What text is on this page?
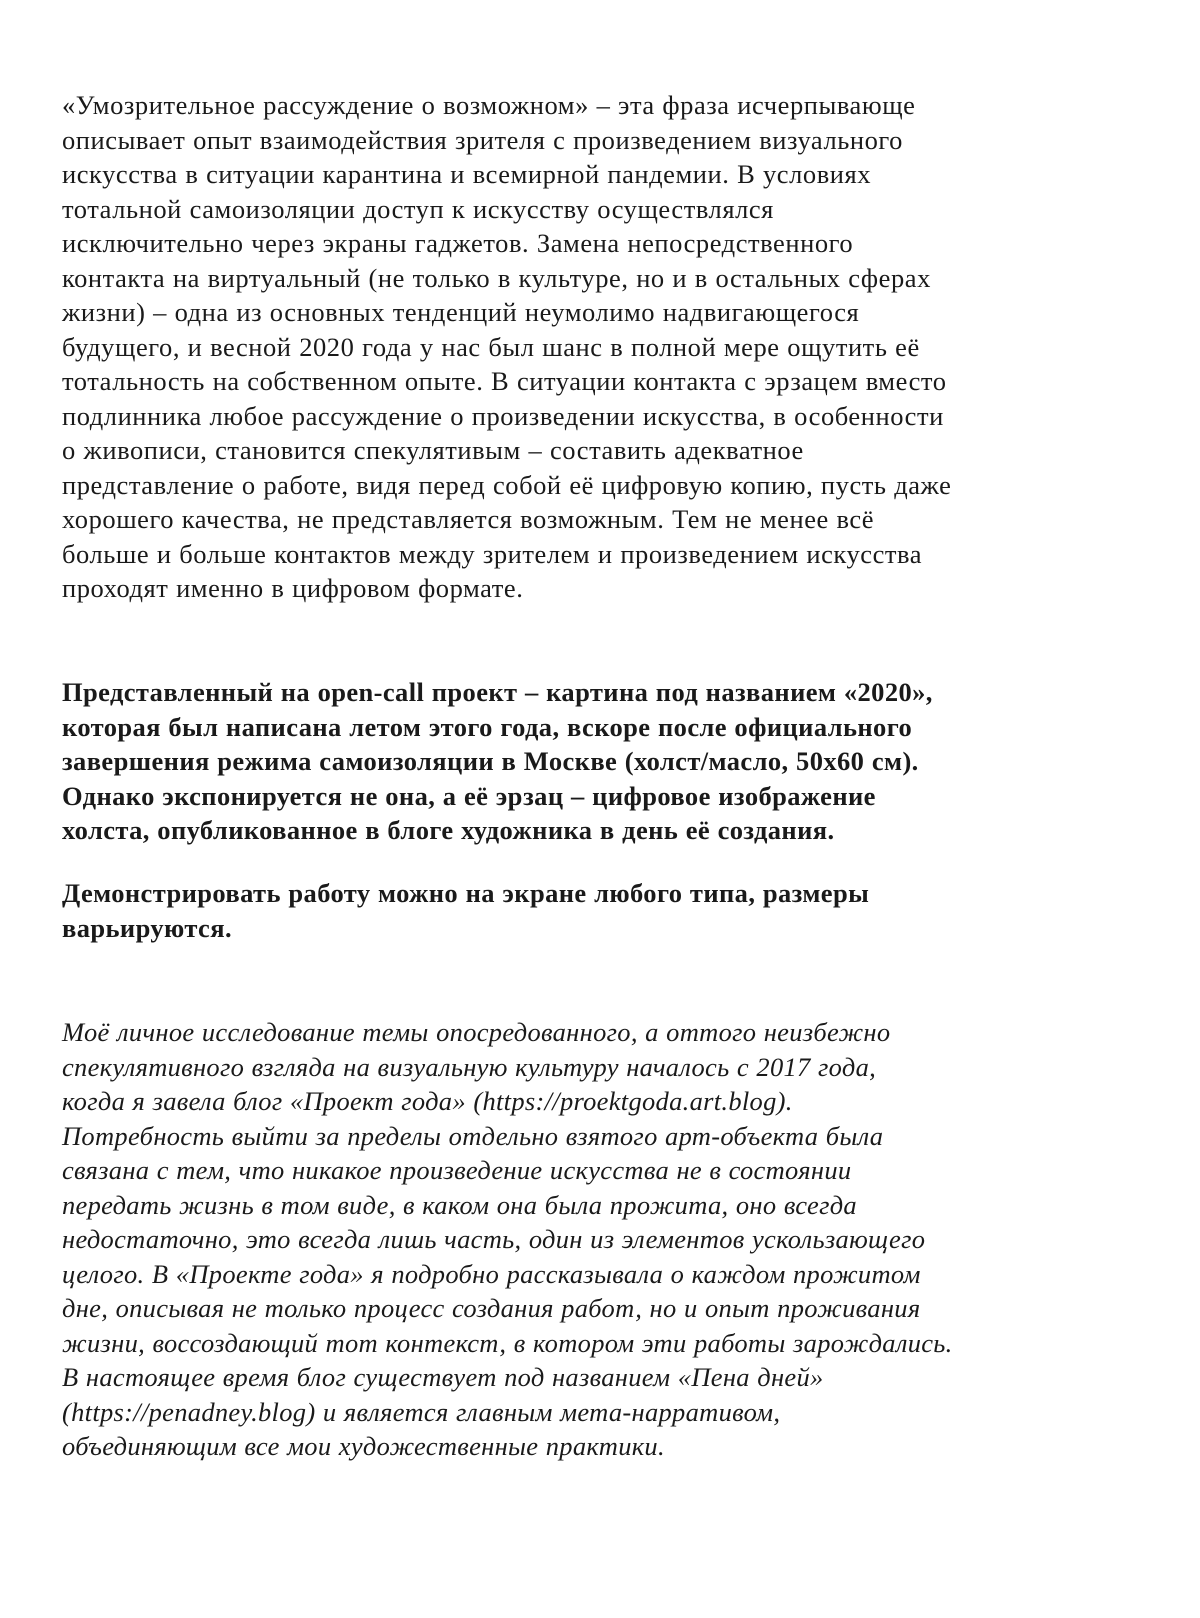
«Умозрительное рассуждение о возможном» – эта фраза исчерпывающе
описывает опыт взаимодействия зрителя с произведением визуального
искусства в ситуации карантина и всемирной пандемии. В условиях
тотальной самоизоляции доступ к искусству осуществлялся
исключительно через экраны гаджетов. Замена непосредственного
контакта на виртуальный (не только в культуре, но и в остальных сферах
жизни) – одна из основных тенденций неумолимо надвигающегося
будущего, и весной 2020 года у нас был шанс в полной мере ощутить её
тотальность на собственном опыте. В ситуации контакта с эрзацем вместо
подлинника любое рассуждение о произведении искусства, в особенности
о живописи, становится спекулятивым – составить адекватное
представление о работе, видя перед собой её цифровую копию, пусть даже
хорошего качества, не представляется возможным. Тем не менее всё
больше и больше контактов между зрителем и произведением искусства
проходят именно в цифровом формате.
Представленный на open-call проект – картина под названием «2020»,
которая был написана летом этого года, вскоре после официального
завершения режима самоизоляции в Москве (холст/масло, 50x60 см).
Однако экспонируется не она, а её эрзац – цифровое изображение
холста, опубликованное в блоге художника в день её создания.
Демонстрировать работу можно на экране любого типа, размеры
варьируются.
Моё личное исследование темы опосредованного, а оттого неизбежно
спекулятивного взгляда на визуальную культуру началось с 2017 года,
когда я завела блог «Проект года» (https://proektgoda.art.blog).
Потребность выйти за пределы отдельно взятого арт-объекта была
связана с тем, что никакое произведение искусства не в состоянии
передать жизнь в том виде, в каком она была прожита, оно всегда
недостаточно, это всегда лишь часть, один из элементов ускользающего
целого. В «Проекте года» я подробно рассказывала о каждом прожитом
дне, описывая не только процесс создания работ, но и опыт проживания
жизни, воссоздающий тот контекст, в котором эти работы зарождались.
В настоящее время блог существует под названием «Пена дней»
(https://penadney.blog) и является главным мета-нарративом,
объединяющим все мои художественные практики.
